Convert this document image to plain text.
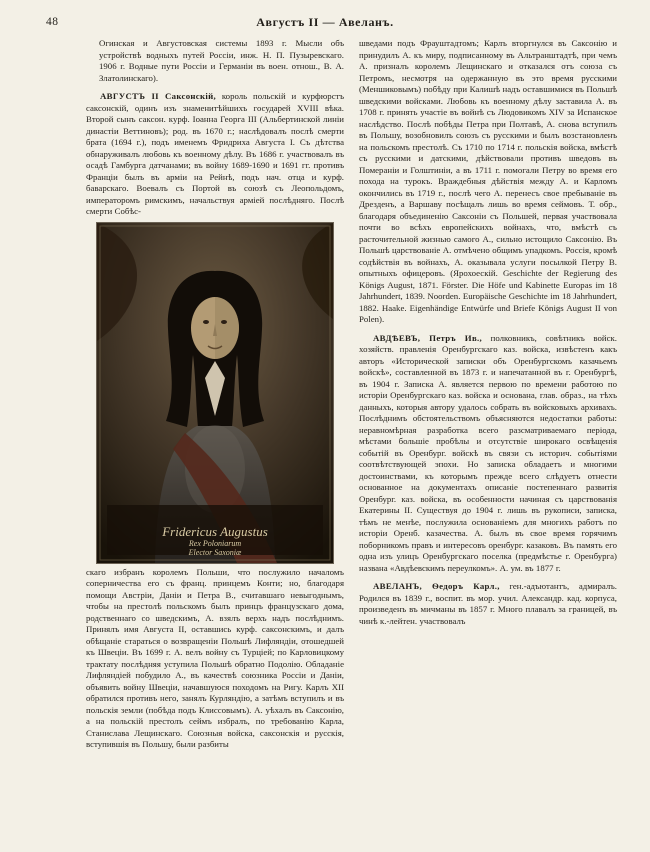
48	Августъ II — Авеланъ.

Огинская и Августовская системы 1893 г. Мысли объ устройствѣ водныхъ путей Россіи, инж. Н. П. Пузыревскаго. 1906 г. Водные пути Россіи и Германіи въ воен. отнош., В. А. Златолинскаго).

АВГУСТЪ II Саксонскій, король польскій и курфюрстъ саксонскій, одинъ изъ знаменитѣйшихъ государей XVIII вѣка. Второй сынъ саксон. курф. Іоанна Георга III (Альбертинской линіи династіи Веттиновъ); род. въ 1670 г.; наслѣдовалъ послѣ смерти брата (1694 г.), подъ именемъ Фридриха Августа I. Съ дѣтства обнаруживалъ любовь къ военному дѣлу. Въ 1686 г. участвовалъ въ осадѣ Гамбурга датчанами; въ войну 1689-1690 и 1691 гг. противъ Франціи былъ въ арміи на Рейнѣ, подъ нач. отца и курф. баварскаго. Воевалъ съ Портой въ союзѣ съ Леопольдомъ, императоромъ римскимъ, начальствуя арміей послѣдняго. Послѣ смерти Собѣс-

Fridericus Augustus
Rex Poloniarum
Elector Saxoniæ

скаго избранъ королемъ Польши, что послужило началомъ соперничества его съ франц. принцемъ Конти; но, благодаря помощи Австріи, Даніи и Петра В., считавшаго невыгоднымъ, чтобы на престолѣ польскомъ былъ принцъ французскаго дома, родственнаго со шведскимъ, А. взялъ верхъ надъ послѣднимъ. Принялъ имя Августа II, оставшись курф. саксонскимъ, и далъ обѣщаніе стараться о возвращеніи Польшѣ Лифляндіи, отошедшей къ Швеціи. Въ 1699 г. А. велъ войну съ Турціей; по Карловицкому трактату послѣдняя уступила Польшѣ обратно Подолію. Обладаніе Лифляндіей побудило А., въ качествѣ союзника Россіи и Даніи, объявить войну Швеціи, начавшуюся походомъ на Ригу. Карлъ XII обратился противъ него, занялъ Курляндію, а затѣмъ вступилъ и въ польскія земли (побѣда подъ Клиссовымъ). А. уѣхалъ въ Саксонію, а на польскій престолъ сеймъ избралъ, по требованію Карла, Станислава Лещинскаго. Союзныя войска, саксонскія и русскія, вступившія въ Польшу, были разбиты

шведами подъ Фрауштадтомъ; Карлъ вторгнулся въ Саксонію и принудилъ А. къ миру, подписанному въ Альтранштадтѣ, при чемъ А. призналъ королемъ Лещинскаго и отказался отъ союза съ Петромъ, несмотря на одержанную въ это время русскими (Меншиковымъ) побѣду при Калишѣ надъ оставшимися въ Польшѣ шведскими войсками. Любовь къ военному дѣлу заставила А. въ 1708 г. принять участіе въ войнѣ съ Людовикомъ XIV за Испанское наслѣдство. Послѣ побѣды Петра при Полтавѣ, А. снова вступилъ въ Польшу, возобновилъ союзъ съ русскими и былъ возстановленъ на польскомъ престолѣ. Съ 1710 по 1714 г. польскія войска, вмѣстѣ съ русскими и датскими, дѣйствовали противъ шведовъ въ Помераніи и Голштиніи, а въ 1711 г. помогали Петру во время его похода на турокъ. Враждебныя дѣйствія между А. и Карломъ окончились въ 1719 г., послѣ чего А. перенесъ свое пребываніе въ Дрезденъ, а Варшаву посѣщалъ лишь во время сеймовъ. Т. обр., благодаря объединенію Саксоніи съ Польшей, первая участвовала почти во всѣхъ европейскихъ войнахъ, что, вмѣстѣ съ расточительной жизнью самого А., сильно истощило Саксонію. Въ Польшѣ царствованіе А. отмѣчено общимъ упадкомъ. Россія, кромѣ содѣйствія въ войнахъ, А. оказывала услуги посылкой Петру В. опытныхъ офицеровъ. (Ярохоескій. Geschichte der Regierung des Königs August, 1871. Förster. Die Höfe und Kabinette Europas im 18 Jahrhundert, 1839. Noorden. Europäische Geschichte im 18 Jahrhundert, 1882. Haake. Eigenhändige Entwürfe und Briefe Königs August II von Polen).

АВДѢЕВЪ, Петръ Ив., полковникъ, совѣтникъ войск. хозяйств. правленія Оренбургскаго каз. войска, извѣстенъ какъ авторъ «Исторической записки объ Оренбургскомъ казачьемъ войскѣ», составленной въ 1873 г. и напечатанной въ г. Оренбургѣ, въ 1904 г. Записка А. является первою по времени работою по исторіи Оренбургскаго каз. войска и основана, глав. образ., на тѣхъ данныхъ, которыя автору удалось собрать въ войсковыхъ архивахъ. Послѣднимъ обстоятельствомъ объясняются недостатки работы: неравномѣрная разработка всего разсматриваемаго періода, мѣстами большіе пробѣлы и отсутствіе широкаго освѣщенія событій въ Оренбург. войскѣ въ связи съ историч. событіями соотвѣтствующей эпохи. Но записка обладаетъ и многими достоинствами, къ которымъ прежде всего слѣдуетъ отнести основанное на документахъ описаніе постепеннаго развитія Оренбург. каз. войска, въ особенности начиная съ царствованія Екатерины II. Существуя до 1904 г. лишь въ рукописи, записка, тѣмъ не менѣе, послужила основаніемъ для многихъ работъ по исторіи Оренб. казачества. А. былъ въ свое время горячимъ поборникомъ правъ и интересовъ оренбург. казаковъ. Въ память его одна изъ улицъ Оренбургскаго поселка (предмѣстье г. Оренбурга) названа «Авдѣевскимъ переулкомъ». А. ум. въ 1877 г.

АВЕЛАНЪ, Ѳедоръ Карл., ген.-адъютантъ, адмиралъ. Родился въ 1839 г., воспит. въ мор. учил. Александр. кад. корпуса, произведенъ въ мичманы въ 1857 г. Много плавалъ за границей, въ чинѣ к.-лейтен. участвовалъ
